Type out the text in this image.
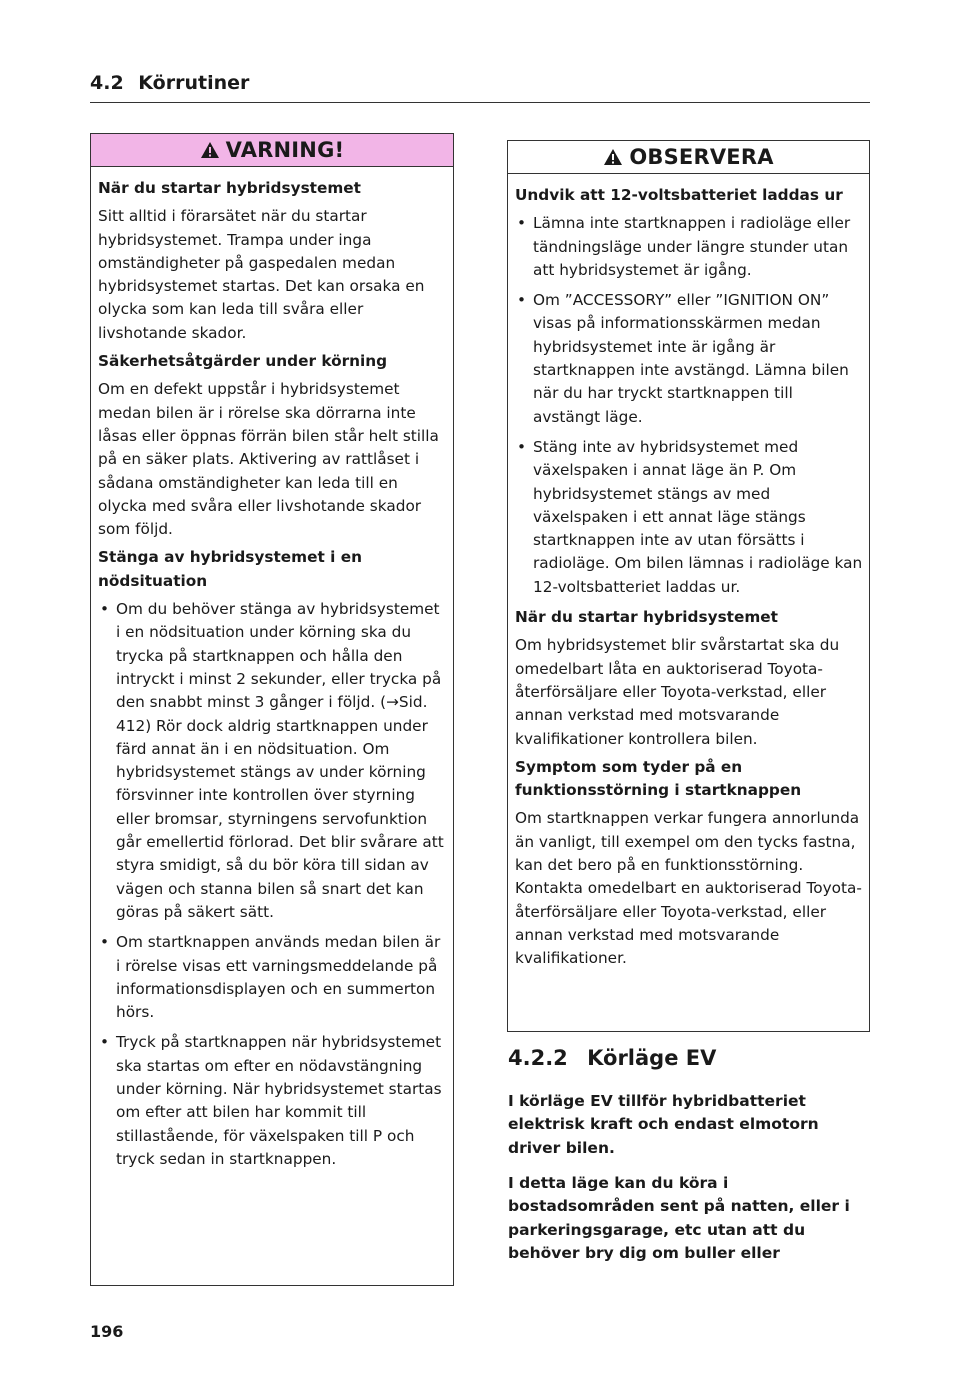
4.2 Körrutiner
VARNING!

När du startar hybridsystemet

Sitt alltid i förarsätet när du startar hybridsystemet. Trampa under inga omständigheter på gaspedalen medan hybridsystemet startas. Det kan orsaka en olycka som kan leda till svåra eller livshotande skador.

Säkerhetsåtgärder under körning

Om en defekt uppstår i hybridsystemet medan bilen är i rörelse ska dörrarna inte låsas eller öppnas förrän bilen står helt stilla på en säker plats. Aktivering av rattlåset i sådana omständigheter kan leda till en olycka med svåra eller livshotande skador som följd.

Stänga av hybridsystemet i en nödsituation

• Om du behöver stänga av hybridsystemet i en nödsituation under körning ska du trycka på startknappen och hålla den intryckt i minst 2 sekunder, eller trycka på den snabbt minst 3 gånger i följd. (→Sid. 412) Rör dock aldrig startknappen under färd annat än i en nödsituation. Om hybridsystemet stängs av under körning försvinner inte kontrollen över styrning eller bromsar, styrningens servofunktion går emellertid förlorad. Det blir svårare att styra smidigt, så du bör köra till sidan av vägen och stanna bilen så snart det kan göras på säkert sätt.
• Om startknappen används medan bilen är i rörelse visas ett varningsmeddelande på informationsdisplayen och en summerton hörs.
• Tryck på startknappen när hybridsystemet ska startas om efter en nödavstängning under körning. När hybridsystemet startas om efter att bilen har kommit till stillastående, för växelspaken till P och tryck sedan in startknappen.
OBSERVERA

Undvik att 12-voltsbatteriet laddas ur

• Lämna inte startknappen i radioläge eller tändningsläge under längre stunder utan att hybridsystemet är igång.
• Om ”ACCESSORY” eller ”IGNITION ON” visas på informationsskärmen medan hybridsystemet inte är igång är startknappen inte avstängd. Lämna bilen när du har tryckt startknappen till avstängt läge.
• Stäng inte av hybridsystemet med växelspaken i annat läge än P. Om hybridsystemet stängs av med växelspaken i ett annat läge stängs startknappen inte av utan försätts i radioläge. Om bilen lämnas i radioläge kan 12-voltsbatteriet laddas ur.

När du startar hybridsystemet

Om hybridsystemet blir svårstartat ska du omedelbart låta en auktoriserad Toyota-återförsäljare eller Toyota-verkstad, eller annan verkstad med motsvarande kvalifikationer kontrollera bilen.

Symptom som tyder på en funktionsstörning i startknappen

Om startknappen verkar fungera annorlunda än vanligt, till exempel om den tycks fastna, kan det bero på en funktionsstörning. Kontakta omedelbart en auktoriserad Toyota-återförsäljare eller Toyota-verkstad, eller annan verkstad med motsvarande kvalifikationer.

4.2.2 Körläge EV

I körläge EV tillför hybridbatteriet elektrisk kraft och endast elmotorn driver bilen.

I detta läge kan du köra i bostadsområden sent på natten, eller i parkeringsgarage, etc utan att du behöver bry dig om buller eller

196
